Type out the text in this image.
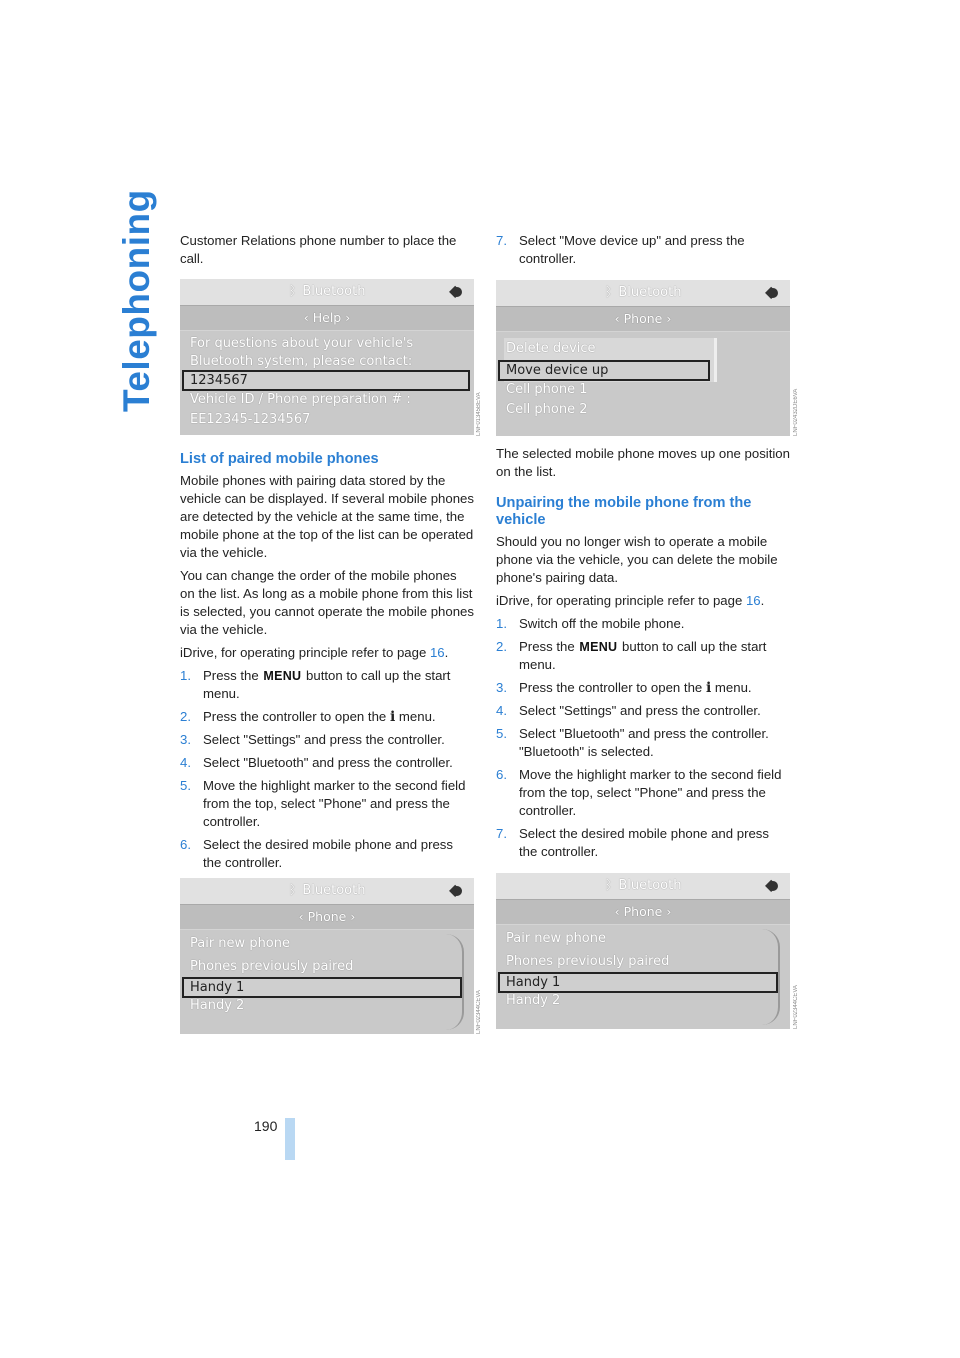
Telephoning Customer Relations phone number to place the call.

ᛒ Bluetooth
◆
‹ Help ›
For questions about your vehicle's
Bluetooth system, please contact:
1234567
Vehicle ID / Phone preparation # :
EE12345-1234567	LNF01345BEVA
List of paired mobile phones

Mobile phones with pairing data stored by the vehicle can be displayed. If several mobile phones are detected by the vehicle at the same time, the mobile phone at the top of the list can be operated via the vehicle.

You can change the order of the mobile phones on the list. As long as a mobile phone from this list is selected, you cannot operate the mobile phones via the vehicle.

iDrive, for operating principle refer to page 16.

1. Press the MENU button to call up the start menu.
2. Press the controller to open the i menu.
3. Select "Settings" and press the controller.
4. Select "Bluetooth" and press the controller.
5. Move the highlight marker to the second field from the top, select "Phone" and press the controller.
6. Select the desired mobile phone and press the controller.
ᛒ Bluetooth
◆
‹ Phone ›
Pair new phone
Phones previously paired
Handy 1
Handy 2	LNF02344CEVA
7. Select "Move device up" and press the controller.
ᛒ Bluetooth
◆
‹ Phone ›
Delete device
Move device up
Cell phone 1
Cell phone 2	LNF02432DE6VA

The selected mobile phone moves up one position on the list.

Unpairing the mobile phone from the vehicle

Should you no longer wish to operate a mobile phone via the vehicle, you can delete the mobile phone's pairing data.

iDrive, for operating principle refer to page 16.

1. Switch off the mobile phone.
2. Press the MENU button to call up the start menu.
3. Press the controller to open the i menu.
4. Select "Settings" and press the controller.
5. Select "Bluetooth" and press the controller. "Bluetooth" is selected.
6. Move the highlight marker to the second field from the top, select "Phone" and press the controller.
7. Select the desired mobile phone and press the controller.
ᛒ Bluetooth
◆
‹ Phone ›
Pair new phone
Phones previously paired
Handy 1
Handy 2	LNF02344CEVA
190
